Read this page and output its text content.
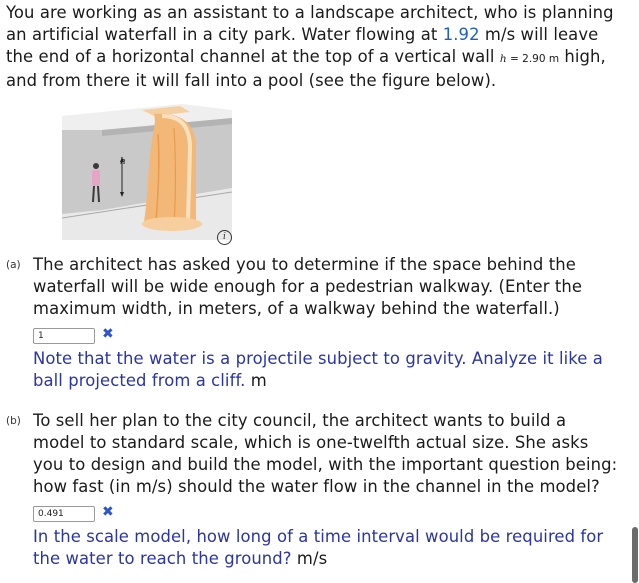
You are working as an assistant to a landscape architect, who is planning an artificial waterfall in a city park. Water flowing at 1.92 m/s will leave the end of a horizontal channel at the top of a vertical wall h = 2.90 m high, and from there it will fall into a pool (see the figure below).
h
i
(a) The architect has asked you to determine if the space behind the waterfall will be wide enough for a pedestrian walkway. (Enter the maximum width, in meters, of a walkway behind the waterfall.)
1	✖
Note that the water is a projectile subject to gravity. Analyze it like a ball projected from a cliff. m
(b) To sell her plan to the city council, the architect wants to build a model to standard scale, which is one-twelfth actual size. She asks you to design and build the model, with the important question being: how fast (in m/s) should the water flow in the channel in the model?
0.491	✖
In the scale model, how long of a time interval would be required for the water to reach the ground? m/s
